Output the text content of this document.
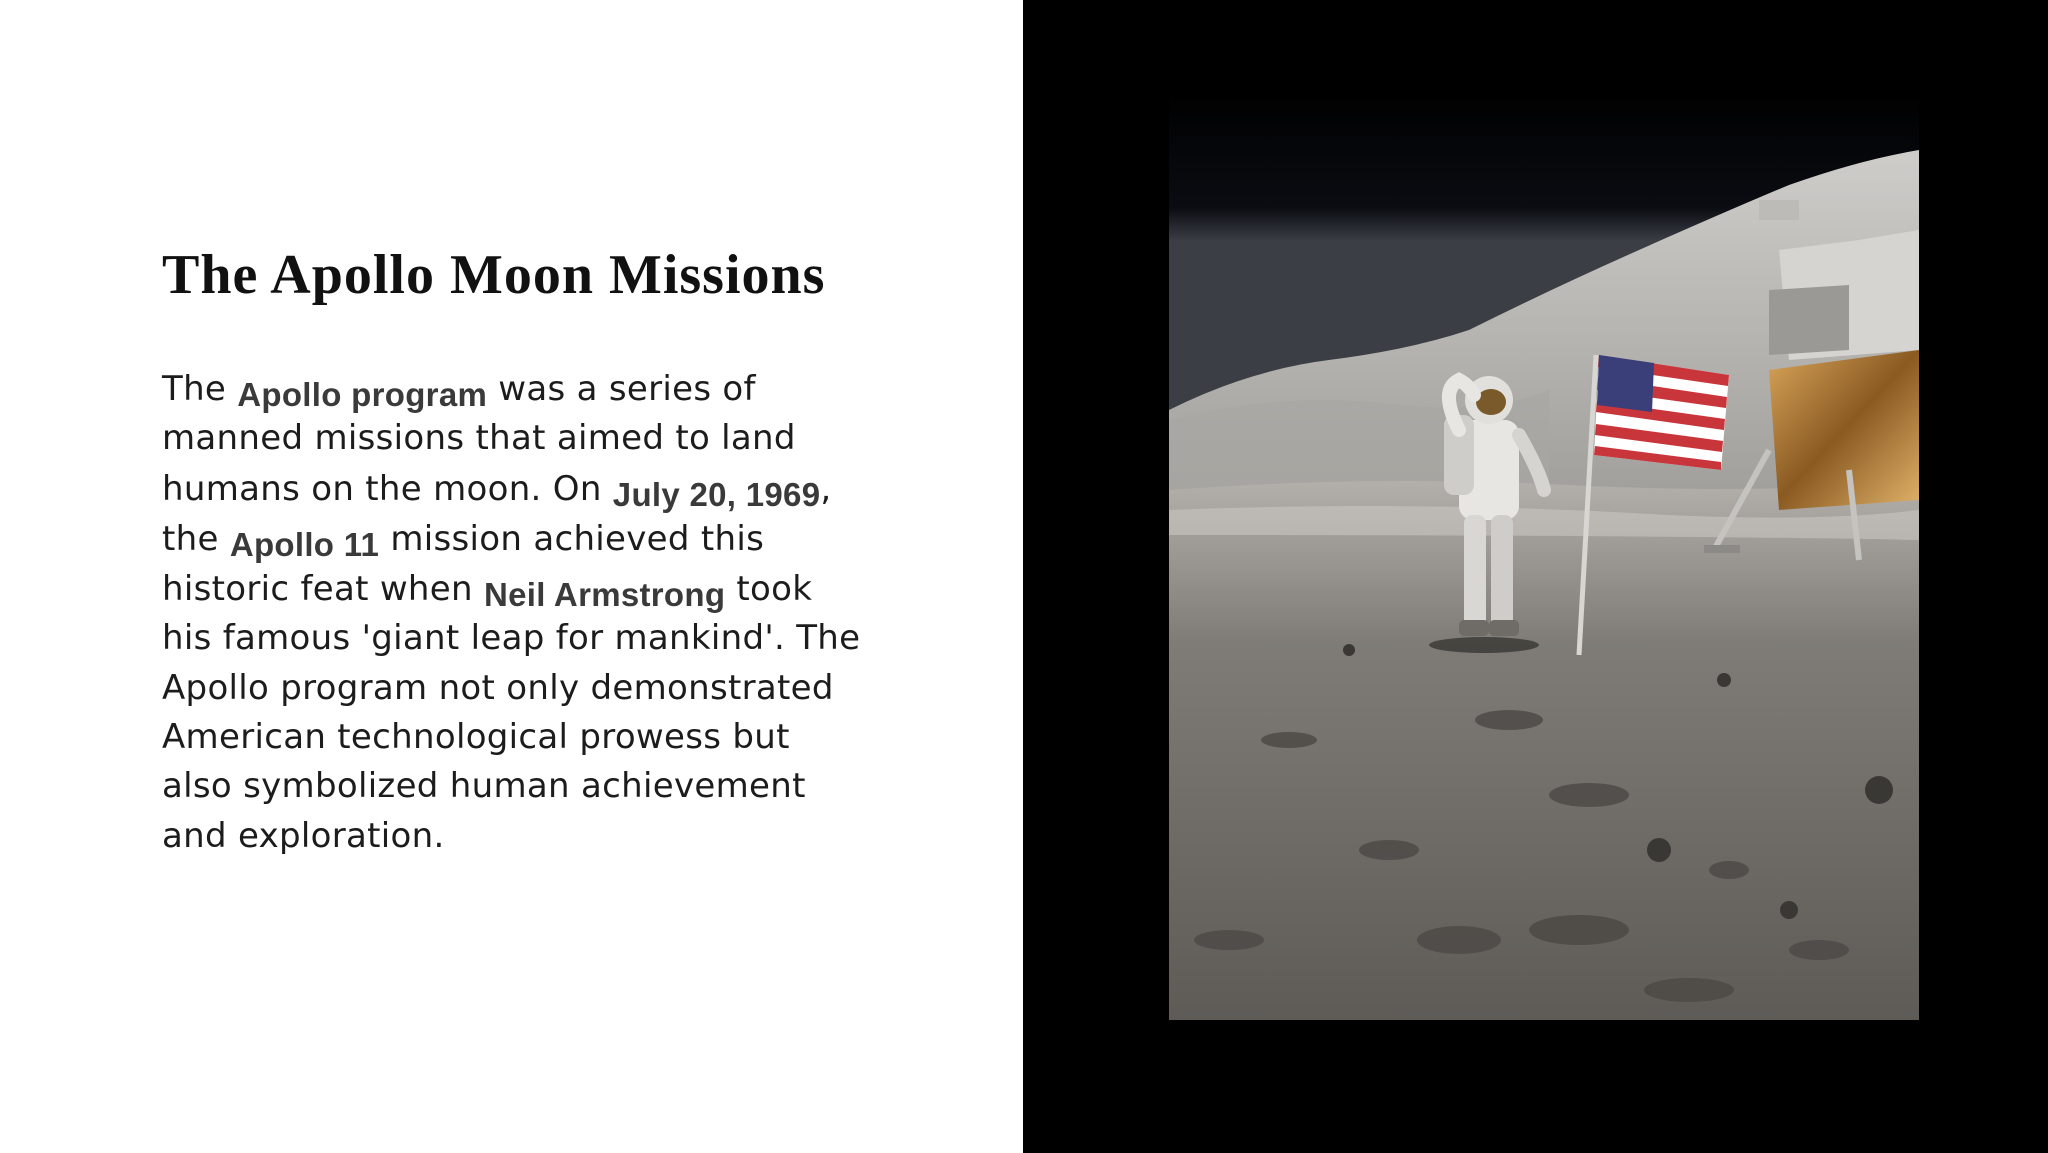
The Apollo Moon Missions
The Apollo program was a series of
manned missions that aimed to land
humans on the moon. On July 20, 1969,
the Apollo 11 mission achieved this
historic feat when Neil Armstrong took
his famous 'giant leap for mankind'. The
Apollo program not only demonstrated
American technological prowess but
also symbolized human achievement
and exploration.
